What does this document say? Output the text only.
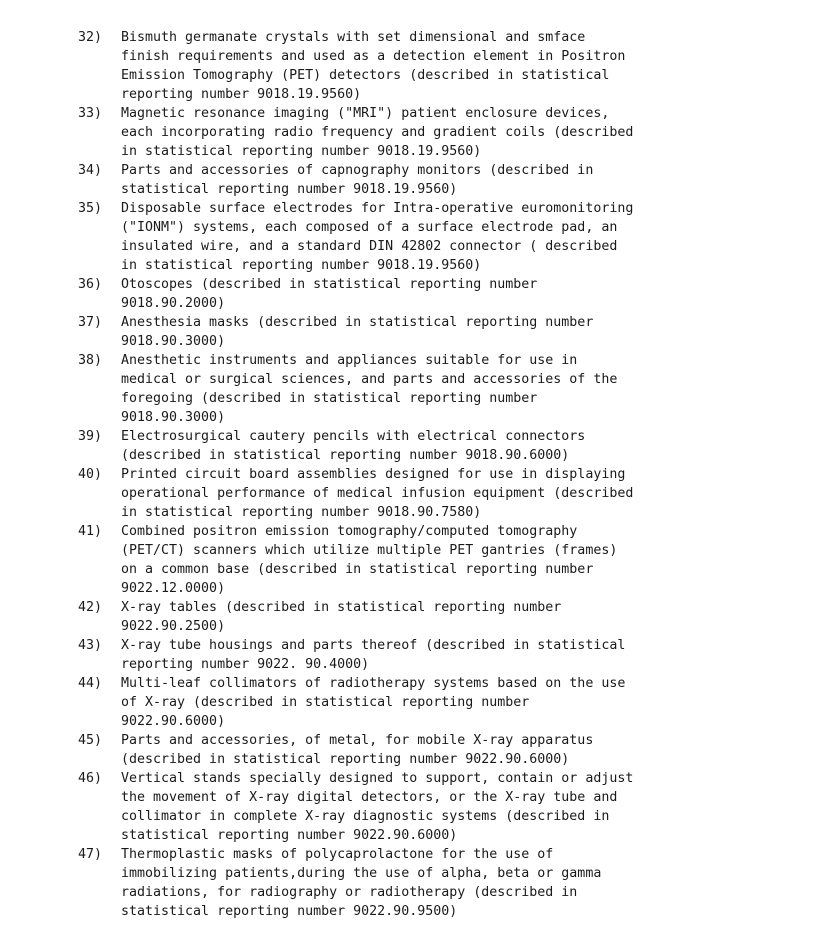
32)	Bismuth germanate crystals with set dimensional and smface
finish requirements and used as a detection element in Positron
Emission Tomography (PET) detectors (described in statistical
reporting number 9018.19.9560)
33)	Magnetic resonance imaging ("MRI") patient enclosure devices,
each incorporating radio frequency and gradient coils (described
in statistical reporting number 9018.19.9560)
34)	Parts and accessories of capnography monitors (described in
statistical reporting number 9018.19.9560)
35)	Disposable surface electrodes for Intra-operative euromonitoring
("IONM") systems, each composed of a surface electrode pad, an
insulated wire, and a standard DIN 42802 connector ( described
in statistical reporting number 9018.19.9560)
36)	Otoscopes (described in statistical reporting number
9018.90.2000)
37)	Anesthesia masks (described in statistical reporting number
9018.90.3000)
38)	Anesthetic instruments and appliances suitable for use in
medical or surgical sciences, and parts and accessories of the
foregoing (described in statistical reporting number
9018.90.3000)
39)	Electrosurgical cautery pencils with electrical connectors
(described in statistical reporting number 9018.90.6000)
40)	Printed circuit board assemblies designed for use in displaying
operational performance of medical infusion equipment (described
in statistical reporting number 9018.90.7580)
41)	Combined positron emission tomography/computed tomography
(PET/CT) scanners which utilize multiple PET gantries (frames)
on a common base (described in statistical reporting number
9022.12.0000)
42)	X-ray tables (described in statistical reporting number
9022.90.2500)
43)	X-ray tube housings and parts thereof (described in statistical
reporting number 9022. 90.4000)
44)	Multi-leaf collimators of radiotherapy systems based on the use
of X-ray (described in statistical reporting number
9022.90.6000)
45)	Parts and accessories, of metal, for mobile X-ray apparatus
(described in statistical reporting number 9022.90.6000)
46)	Vertical stands specially designed to support, contain or adjust
the movement of X-ray digital detectors, or the X-ray tube and
collimator in complete X-ray diagnostic systems (described in
statistical reporting number 9022.90.6000)
47)	Thermoplastic masks of polycaprolactone for the use of
immobilizing patients,during the use of alpha, beta or gamma
radiations, for radiography or radiotherapy (described in
statistical reporting number 9022.90.9500)
